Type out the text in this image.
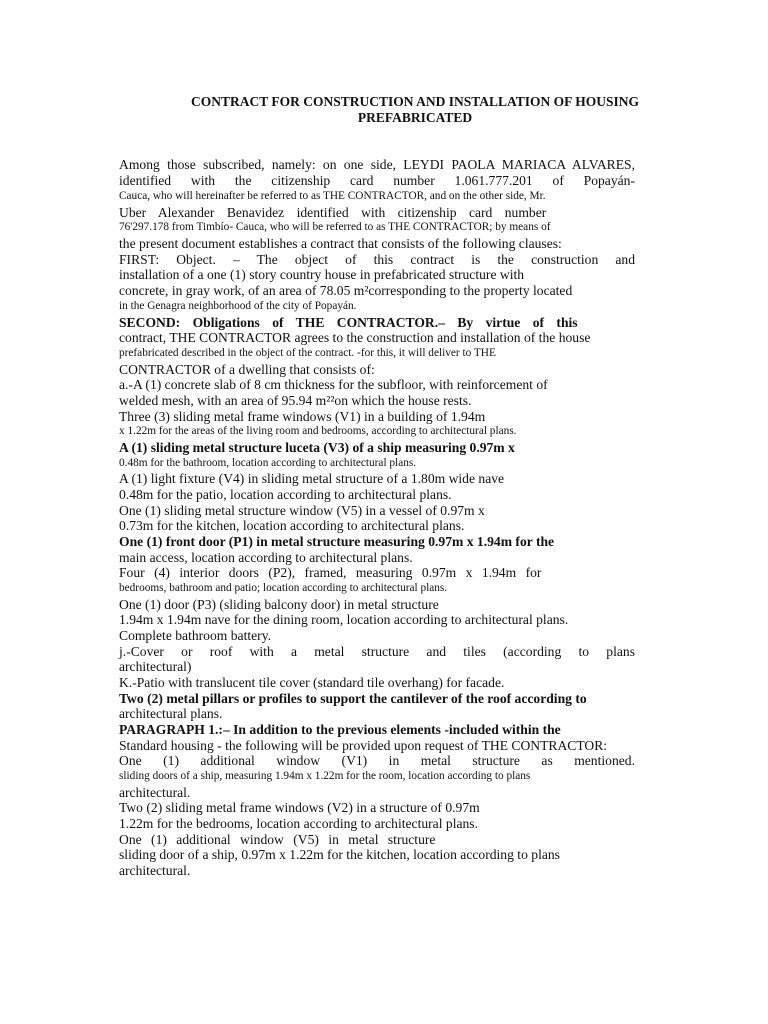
CONTRACT FOR CONSTRUCTION AND INSTALLATION OF HOUSING
PREFABRICATED
Among those subscribed, namely: on one side, LEYDI PAOLA MARIACA ALVARES,
identified with the citizenship card number 1.061.777.201 of Popayán-
Cauca, who will hereinafter be referred to as THE CONTRACTOR, and on the other side, Mr.
Uber Alexander Benavidez identified with citizenship card number
76'297.178 from Timbío- Cauca, who will be referred to as THE CONTRACTOR; by means of
the present document establishes a contract that consists of the following clauses:
FIRST: Object. – The object of this contract is the construction and
installation of a one (1) story country house in prefabricated structure with
concrete, in gray work, of an area of 78.05 m²corresponding to the property located
in the Genagra neighborhood of the city of Popayán.
SECOND: Obligations of THE CONTRACTOR.– By virtue of this
contract, THE CONTRACTOR agrees to the construction and installation of the house
prefabricated described in the object of the contract. -for this, it will deliver to THE
CONTRACTOR of a dwelling that consists of:
a.-A (1) concrete slab of 8 cm thickness for the subfloor, with reinforcement of
welded mesh, with an area of 95.94 m²²on which the house rests.
Three (3) sliding metal frame windows (V1) in a building of 1.94m
x 1.22m for the areas of the living room and bedrooms, according to architectural plans.
A (1) sliding metal structure luceta (V3) of a ship measuring 0.97m x
0.48m for the bathroom, location according to architectural plans.
A (1) light fixture (V4) in sliding metal structure of a 1.80m wide nave
0.48m for the patio, location according to architectural plans.
One (1) sliding metal structure window (V5) in a vessel of 0.97m x
0.73m for the kitchen, location according to architectural plans.
One (1) front door (P1) in metal structure measuring 0.97m x 1.94m for the
main access, location according to architectural plans.
Four (4) interior doors (P2), framed, measuring 0.97m x 1.94m for
bedrooms, bathroom and patio; location according to architectural plans.
One (1) door (P3) (sliding balcony door) in metal structure
1.94m x 1.94m nave for the dining room, location according to architectural plans.
Complete bathroom battery.
j.-Cover or roof with a metal structure and tiles (according to plans
architectural)
K.-Patio with translucent tile cover (standard tile overhang) for facade.
Two (2) metal pillars or profiles to support the cantilever of the roof according to
architectural plans.
PARAGRAPH 1.:– In addition to the previous elements -included within the
Standard housing - the following will be provided upon request of THE CONTRACTOR:
One (1) additional window (V1) in metal structure as mentioned.
sliding doors of a ship, measuring 1.94m x 1.22m for the room, location according to plans
architectural.
Two (2) sliding metal frame windows (V2) in a structure of 0.97m
1.22m for the bedrooms, location according to architectural plans.
One (1) additional window (V5) in metal structure
sliding door of a ship, 0.97m x 1.22m for the kitchen, location according to plans
architectural.
